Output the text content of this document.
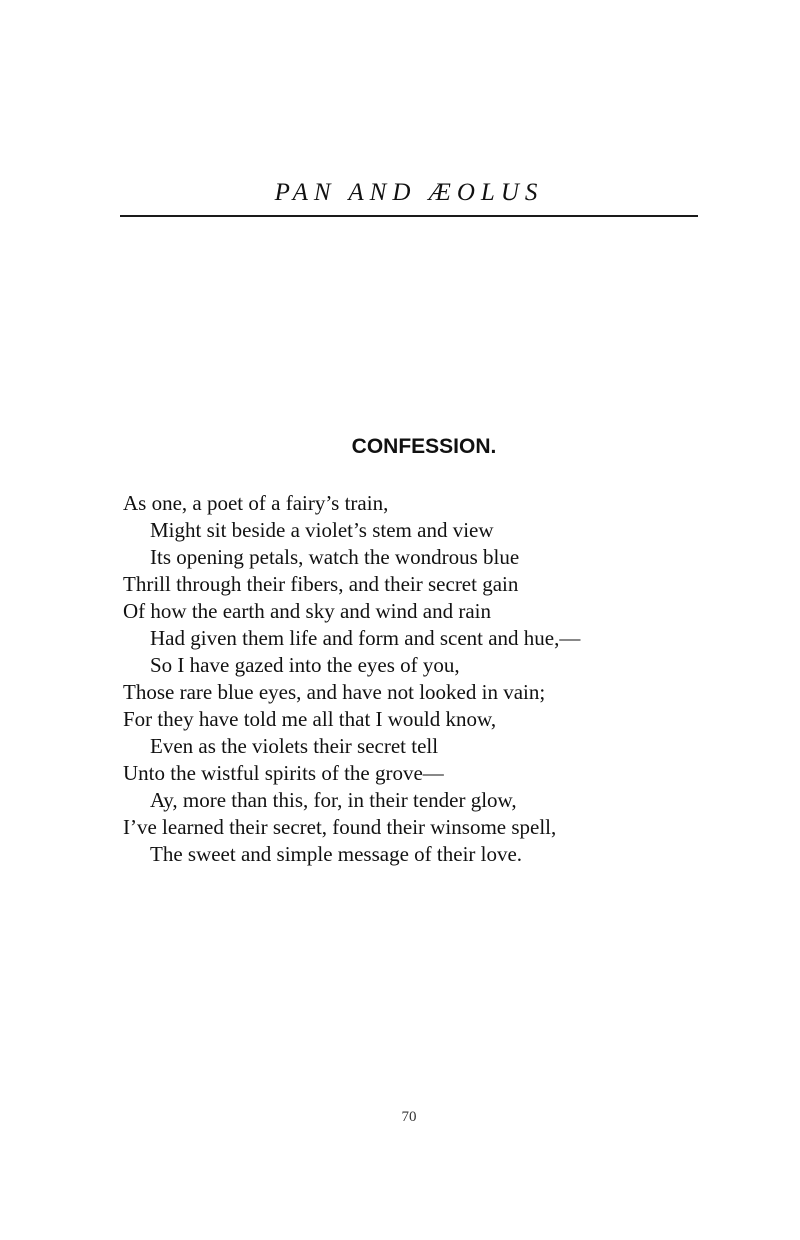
PAN AND ÆOLUS
CONFESSION.
As one, a poet of a fairy’s train,
Might sit beside a violet’s stem and view
Its opening petals, watch the wondrous blue
Thrill through their fibers, and their secret gain
Of how the earth and sky and wind and rain
Had given them life and form and scent and hue,—
So I have gazed into the eyes of you,
Those rare blue eyes, and have not looked in vain;
For they have told me all that I would know,
Even as the violets their secret tell
Unto the wistful spirits of the grove—
Ay, more than this, for, in their tender glow,
I’ve learned their secret, found their winsome spell,
The sweet and simple message of their love.
70
